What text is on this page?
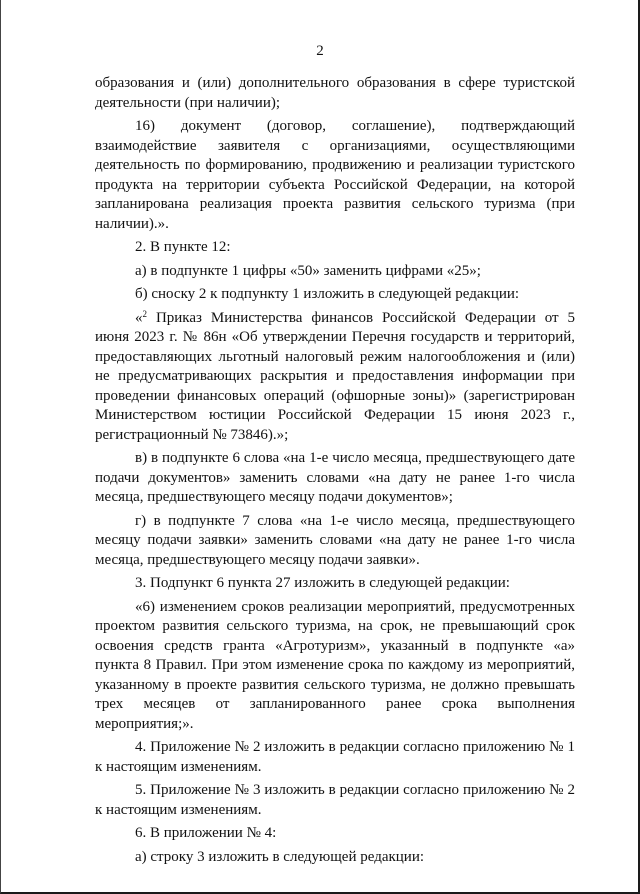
2

образования и (или) дополнительного образования в сфере туристской деятельности (при наличии);

16) документ (договор, соглашение), подтверждающий взаимодействие заявителя с организациями, осуществляющими деятельность по формированию, продвижению и реализации туристского продукта на территории субъекта Российской Федерации, на которой запланирована реализация проекта развития сельского туризма (при наличии).».

2. В пункте 12:

а) в подпункте 1 цифры «50» заменить цифрами «25»;

б) сноску 2 к подпункту 1 изложить в следующей редакции:

«$^2$ Приказ Министерства финансов Российской Федерации от 5 июня 2023 г. № 86н «Об утверждении Перечня государств и территорий, предоставляющих льготный налоговый режим налогообложения и (или) не предусматривающих раскрытия и предоставления информации при проведении финансовых операций (офшорные зоны)» (зарегистрирован Министерством юстиции Российской Федерации 15 июня 2023 г., регистрационный № 73846).»;

в) в подпункте 6 слова «на 1-е число месяца, предшествующего дате подачи документов» заменить словами «на дату не ранее 1-го числа месяца, предшествующего месяцу подачи документов»;

г) в подпункте 7 слова «на 1-е число месяца, предшествующего месяцу подачи заявки» заменить словами «на дату не ранее 1-го числа месяца, предшествующего месяцу подачи заявки».

3. Подпункт 6 пункта 27 изложить в следующей редакции:

«6) изменением сроков реализации мероприятий, предусмотренных проектом развития сельского туризма, на срок, не превышающий срок освоения средств гранта «Агротуризм», указанный в подпункте «а» пункта 8 Правил. При этом изменение срока по каждому из мероприятий, указанному в проекте развития сельского туризма, не должно превышать трех месяцев от запланированного ранее срока выполнения мероприятия;».

4. Приложение № 2 изложить в редакции согласно приложению № 1 к настоящим изменениям.

5. Приложение № 3 изложить в редакции согласно приложению № 2 к настоящим изменениям.

6. В приложении № 4:

а) строку 3 изложить в следующей редакции:
